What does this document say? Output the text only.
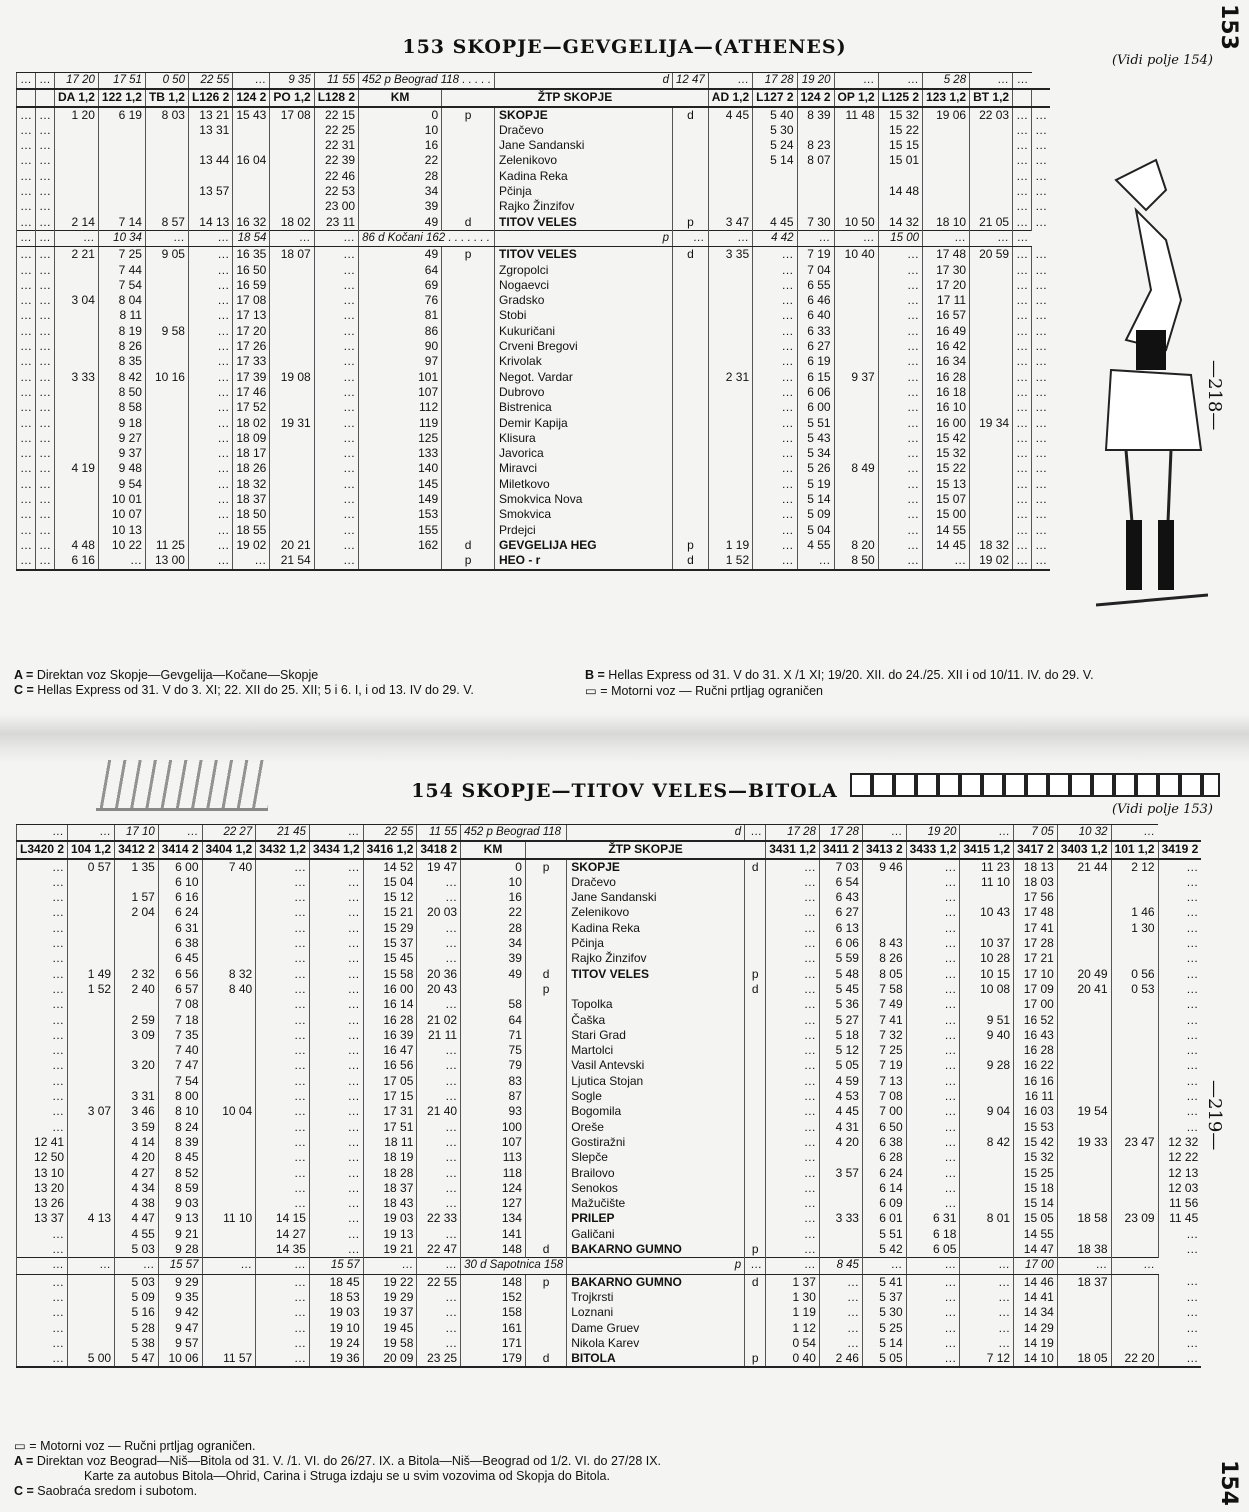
153
—218—
—219—
154
153 SKOPJE—GEVGELIJA—(ATHENES)
(Vidi polje 154)
…	…	17 20	17 51	0 50	22 55	…	9 35	11 55	452 p Beograd 118 . . . . .		d	12 47	…	17 28	19 20	…	…	5 28	…	…	
		DA 1,2	122 1,2	TB 1,2	L126 2	124 2	PO 1,2	L128 2	KM	ŽTP SKOPJE			AD 1,2	L127 2	124 2	OP 1,2	L125 2	123 1,2	BT 1,2		
…	…	1 20	6 19	8 03	13 21	15 43	17 08	22 15	0	p	SKOPJE	d	4 45	5 40	8 39	11 48	15 32	19 06	22 03	…	…
…	…				13 31			22 25	10		Dračevo			5 30			15 22			…	…
…	…							22 31	16		Jane Sandanski			5 24	8 23		15 15			…	…
…	…				13 44	16 04		22 39	22		Zelenikovo			5 14	8 07		15 01			…	…
…	…							22 46	28		Kadina Reka									…	…
…	…				13 57			22 53	34		Pčinja						14 48			…	…
…	…							23 00	39		Rajko Žinzifov									…	…
…	…	2 14	7 14	8 57	14 13	16 32	18 02	23 11	49	d	TITOV VELES	p	3 47	4 45	7 30	10 50	14 32	18 10	21 05	…	…
…	…	…	10 34	…	…	18 54	…	…	86 d Kočani 162 . . . . . . .		p	…	…	4 42	…	…	15 00	…	…	…	
…	…	2 21	7 25	9 05	…	16 35	18 07	…	49	p	TITOV VELES	d	3 35	…	7 19	10 40	…	17 48	20 59	…	…
…	…		7 44		…	16 50		…	64		Zgropolci			…	7 04		…	17 30		…	…
…	…		7 54		…	16 59		…	69		Nogaevci			…	6 55		…	17 20		…	…
…	…	3 04	8 04		…	17 08		…	76		Gradsko			…	6 46		…	17 11		…	…
…	…		8 11		…	17 13		…	81		Stobi			…	6 40		…	16 57		…	…
…	…		8 19	9 58	…	17 20		…	86		Kukuričani			…	6 33		…	16 49		…	…
…	…		8 26		…	17 26		…	90		Crveni Bregovi			…	6 27		…	16 42		…	…
…	…		8 35		…	17 33		…	97		Krivolak			…	6 19		…	16 34		…	…
…	…	3 33	8 42	10 16	…	17 39	19 08	…	101		Negot. Vardar		2 31	…	6 15	9 37	…	16 28		…	…
…	…		8 50		…	17 46		…	107		Dubrovo			…	6 06		…	16 18		…	…
…	…		8 58		…	17 52		…	112		Bistrenica			…	6 00		…	16 10		…	…
…	…		9 18		…	18 02	19 31	…	119		Demir Kapija			…	5 51		…	16 00	19 34	…	…
…	…		9 27		…	18 09		…	125		Klisura			…	5 43		…	15 42		…	…
…	…		9 37		…	18 17		…	133		Javorica			…	5 34		…	15 32		…	…
…	…	4 19	9 48		…	18 26		…	140		Miravci			…	5 26	8 49	…	15 22		…	…
…	…		9 54		…	18 32		…	145		Miletkovo			…	5 19		…	15 13		…	…
…	…		10 01		…	18 37		…	149		Smokvica Nova			…	5 14		…	15 07		…	…
…	…		10 07		…	18 50		…	153		Smokvica			…	5 09		…	15 00		…	…
…	…		10 13		…	18 55		…	155		Prdejci			…	5 04		…	14 55		…	…
…	…	4 48	10 22	11 25	…	19 02	20 21	…	162	d	GEVGELIJA HEG	p	1 19	…	4 55	8 20	…	14 45	18 32	…	…
…	…	6 16	…	13 00	…	…	21 54	…		p	HEO - r	d	1 52	…	…	8 50	…	…	19 02	…	…
A = Direktan voz Skopje—Gevgelija—Kočane—Skopje
C = Hellas Express od 31. V do 3. XI; 22. XII do 25. XII; 5 i 6. I, i od 13. IV do 29. V.
B = Hellas Express od 31. V do 31. X /1 XI; 19/20. XII. do 24./25. XII i od 10/11. IV. do 29. V.
▭ = Motorni voz — Ručni prtljag ograničen
154 SKOPJE—TITOV VELES—BITOLA
(Vidi polje 153)
…	…	17 10	…	22 27	21 45	…	22 55	11 55	452 p Beograd 118		d	…	17 28	17 28	…	19 20	…	7 05	10 32	…	
L3420 2	104 1,2	3412 2	3414 2	3404 1,2	3432 1,2	3434 1,2	3416 1,2	3418 2	KM	ŽTP SKOPJE			3431 1,2	3411 2	3413 2	3433 1,2	3415 1,2	3417 2	3403 1,2	101 1,2	3419 2
…	0 57	1 35	6 00	7 40	…	…	14 52	19 47	0	p	SKOPJE	d	…	7 03	9 46	…	11 23	18 13	21 44	2 12	…
…			6 10		…	…	15 04	…	10		Dračevo		…	6 54		…	11 10	18 03			…
…		1 57	6 16		…	…	15 12	…	16		Jane Sandanski		…	6 43		…		17 56			…
…		2 04	6 24		…	…	15 21	20 03	22		Zelenikovo		…	6 27		…	10 43	17 48		1 46	…
…			6 31		…	…	15 29	…	28		Kadina Reka		…	6 13		…		17 41		1 30	…
…			6 38		…	…	15 37	…	34		Pčinja		…	6 06	8 43	…	10 37	17 28			…
…			6 45		…	…	15 45	…	39		Rajko Žinzifov		…	5 59	8 26	…	10 28	17 21			…
…	1 49	2 32	6 56	8 32	…	…	15 58	20 36	49	d	TITOV VELES	p	…	5 48	8 05	…	10 15	17 10	20 49	0 56	…
…	1 52	2 40	6 57	8 40	…	…	16 00	20 43		p		d	…	5 45	7 58	…	10 08	17 09	20 41	0 53	…
…			7 08		…	…	16 14	…	58		Topolka		…	5 36	7 49	…		17 00			…
…		2 59	7 18		…	…	16 28	21 02	64		Čaška		…	5 27	7 41	…	9 51	16 52			…
…		3 09	7 35		…	…	16 39	21 11	71		Stari Grad		…	5 18	7 32	…	9 40	16 43			…
…			7 40		…	…	16 47	…	75		Martolci		…	5 12	7 25	…		16 28			…
…		3 20	7 47		…	…	16 56	…	79		Vasil Antevski		…	5 05	7 19	…	9 28	16 22			…
…			7 54		…	…	17 05	…	83		Ljutica Stojan		…	4 59	7 13	…		16 16			…
…		3 31	8 00		…	…	17 15	…	87		Sogle		…	4 53	7 08	…		16 11			…
…	3 07	3 46	8 10	10 04	…	…	17 31	21 40	93		Bogomila		…	4 45	7 00	…	9 04	16 03	19 54		…
…		3 59	8 24		…	…	17 51	…	100		Oreše		…	4 31	6 50	…		15 53			…
12 41		4 14	8 39		…	…	18 11	…	107		Gostiražni		…	4 20	6 38	…	8 42	15 42	19 33	23 47	12 32
12 50		4 20	8 45		…	…	18 19	…	113		Slepče		…		6 28	…		15 32			12 22
13 10		4 27	8 52		…	…	18 28	…	118		Brailovo		…	3 57	6 24	…		15 25			12 13
13 20		4 34	8 59		…	…	18 37	…	124		Senokos		…		6 14	…		15 18			12 03
13 26		4 38	9 03		…	…	18 43	…	127		Mažučište		…		6 09	…		15 14			11 56
13 37	4 13	4 47	9 13	11 10	14 15	…	19 03	22 33	134		PRILEP		…	3 33	6 01	6 31	8 01	15 05	18 58	23 09	11 45
…		4 55	9 21		14 27	…	19 13	…	141		Galičani		…		5 51	6 18		14 55			…
…		5 03	9 28		14 35	…	19 21	22 47	148	d	BAKARNO GUMNO	p	…		5 42	6 05		14 47	18 38		…
…	…	…	15 57	…	…	15 57	…	…	30 d Sapotnica 158		p	…	…	8 45	…	…	…	17 00	…	…	
…		5 03	9 29		…	18 45	19 22	22 55	148	p	BAKARNO GUMNO	d	1 37	…	5 41	…	…	14 46	18 37		…
…		5 09	9 35		…	18 53	19 29	…	152		Trojkrsti		1 30	…	5 37	…	…	14 41			…
…		5 16	9 42		…	19 03	19 37	…	158		Loznani		1 19	…	5 30	…	…	14 34			…
…		5 28	9 47		…	19 10	19 45	…	161		Dame Gruev		1 12	…	5 25	…	…	14 29			…
…		5 38	9 57		…	19 24	19 58	…	171		Nikola Karev		0 54	…	5 14	…	…	14 19			…
…	5 00	5 47	10 06	11 57	…	19 36	20 09	23 25	179	d	BITOLA	p	0 40	2 46	5 05	…	7 12	14 10	18 05	22 20	…
▭ = Motorni voz — Ručni prtljag ograničen.
A = Direktan voz Beograd—Niš—Bitola od 31. V. /1. VI. do 26/27. IX. a Bitola—Niš—Beograd od 1/2. VI. do 27/28 IX.
Karte za autobus Bitola—Ohrid, Carina i Struga izdaju se u svim vozovima od Skopja do Bitola.
C = Saobraća sredom i subotom.
